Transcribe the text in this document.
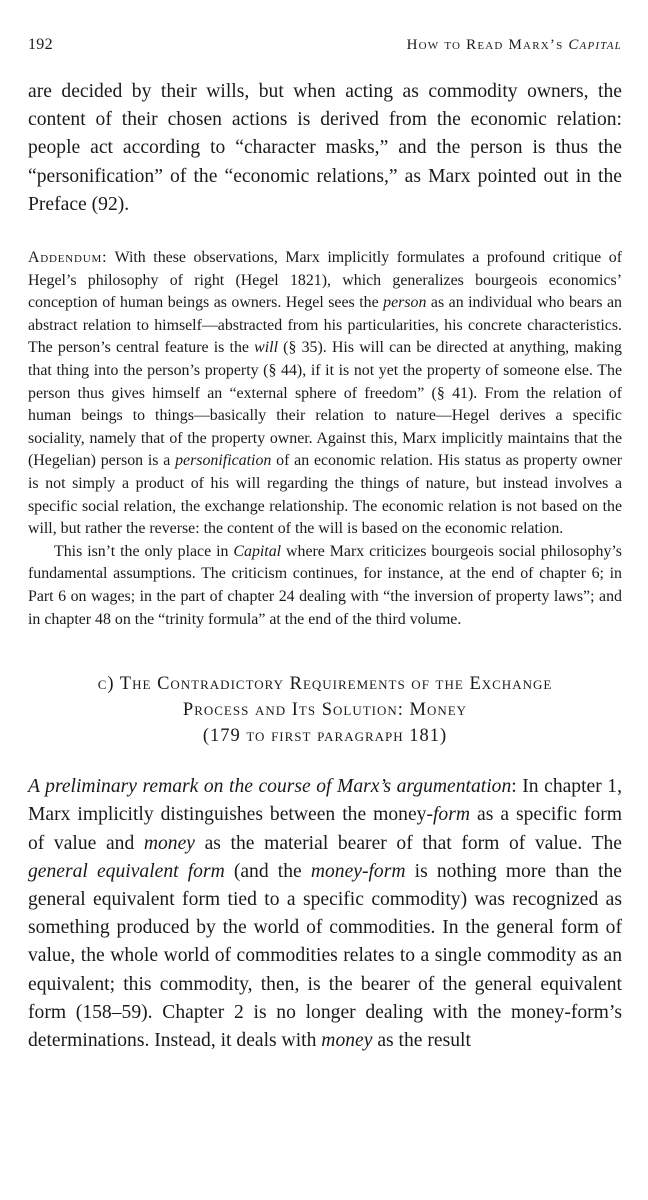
192	How to Read Marx’s Capital

are decided by their wills, but when acting as commodity owners, the content of their chosen actions is derived from the economic relation: people act according to “character masks,” and the person is thus the “personification” of the “economic relations,” as Marx pointed out in the Preface (92).

Addendum: With these observations, Marx implicitly formulates a profound critique of Hegel’s philosophy of right (Hegel 1821), which generalizes bourgeois economics’ conception of human beings as owners. Hegel sees the person as an individual who bears an abstract relation to himself—abstracted from his particularities, his concrete characteristics. The person’s central feature is the will (§ 35). His will can be directed at anything, making that thing into the person’s property (§ 44), if it is not yet the property of someone else. The person thus gives himself an “external sphere of freedom” (§ 41). From the relation of human beings to things—basically their relation to nature—Hegel derives a specific sociality, namely that of the property owner. Against this, Marx implicitly maintains that the (Hegelian) person is a personification of an economic relation. His status as property owner is not simply a product of his will regarding the things of nature, but instead involves a specific social relation, the exchange relationship. The economic relation is not based on the will, but rather the reverse: the content of the will is based on the economic relation.

This isn’t the only place in Capital where Marx criticizes bourgeois social philosophy’s fundamental assumptions. The criticism continues, for instance, at the end of chapter 6; in Part 6 on wages; in the part of chapter 24 dealing with “the inversion of property laws”; and in chapter 48 on the “trinity formula” at the end of the third volume.

c) The Contradictory Requirements of the Exchange
Process and Its Solution: Money
(179 to first paragraph 181)

A preliminary remark on the course of Marx’s argumentation: In chapter 1, Marx implicitly distinguishes between the money-form as a specific form of value and money as the material bearer of that form of value. The general equivalent form (and the money-form is nothing more than the general equivalent form tied to a specific commodity) was recognized as something produced by the world of commodities. In the general form of value, the whole world of commodities relates to a single commodity as an equivalent; this commodity, then, is the bearer of the general equivalent form (158–59). Chapter 2 is no longer dealing with the money-form’s determinations. Instead, it deals with money as the result
